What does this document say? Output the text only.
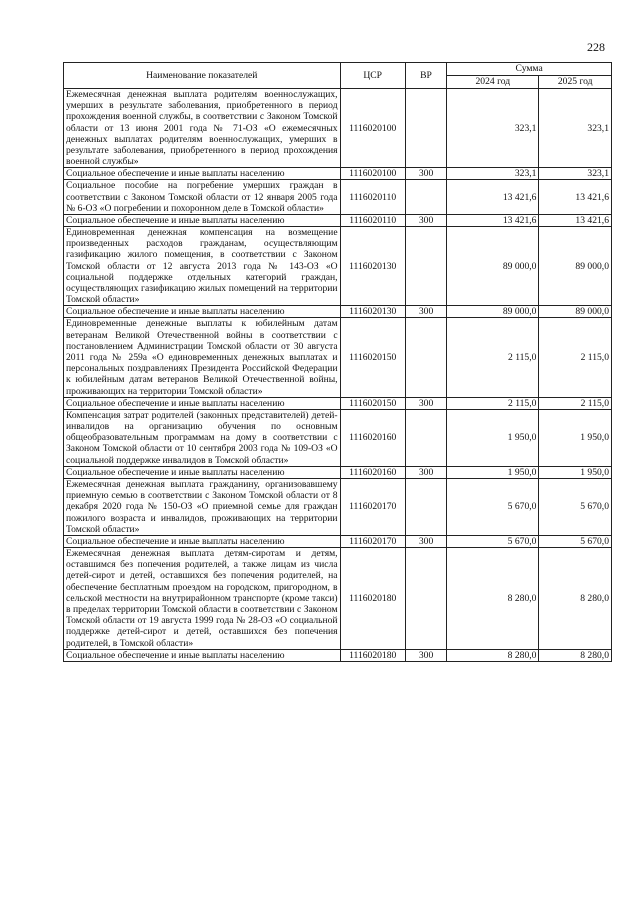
228
Наименование показателей	ЦСР	ВР	Сумма	
			2024 год	2025 год
Ежемесячная денежная выплата родителям военнослужащих, умерших в результате заболевания, приобретенного в период прохождения военной службы, в соответствии с Законом Томской области от 13 июня 2001 года № 71-ОЗ «О ежемесячных денежных выплатах родителям военнослужащих, умерших в результате заболевания, приобретенного в период прохождения военной службы»	1116020100		323,1	323,1
Социальное обеспечение и иные выплаты населению	1116020100	300	323,1	323,1
Социальное пособие на погребение умерших граждан в соответствии с Законом Томской области от 12 января 2005 года № 6-ОЗ «О погребении и похоронном деле в Томской области»	1116020110		13 421,6	13 421,6
Социальное обеспечение и иные выплаты населению	1116020110	300	13 421,6	13 421,6
Единовременная денежная компенсация на возмещение произведенных расходов гражданам, осуществляющим газификацию жилого помещения, в соответствии с Законом Томской области от 12 августа 2013 года № 143-ОЗ «О социальной поддержке отдельных категорий граждан, осуществляющих газификацию жилых помещений на территории Томской области»	1116020130		89 000,0	89 000,0
Социальное обеспечение и иные выплаты населению	1116020130	300	89 000,0	89 000,0
Единовременные денежные выплаты к юбилейным датам ветеранам Великой Отечественной войны в соответствии с постановлением Администрации Томской области от 30 августа 2011 года № 259а «О единовременных денежных выплатах и персональных поздравлениях Президента Российской Федерации к юбилейным датам ветеранов Великой Отечественной войны, проживающих на территории Томской области»	1116020150		2 115,0	2 115,0
Социальное обеспечение и иные выплаты населению	1116020150	300	2 115,0	2 115,0
Компенсация затрат родителей (законных представителей) детей-инвалидов на организацию обучения по основным общеобразовательным программам на дому в соответствии с Законом Томской области от 10 сентября 2003 года № 109-ОЗ «О социальной поддержке инвалидов в Томской области»	1116020160		1 950,0	1 950,0
Социальное обеспечение и иные выплаты населению	1116020160	300	1 950,0	1 950,0
Ежемесячная денежная выплата гражданину, организовавшему приемную семью в соответствии с Законом Томской области от 8 декабря 2020 года № 150-ОЗ «О приемной семье для граждан пожилого возраста и инвалидов, проживающих на территории Томской области»	1116020170		5 670,0	5 670,0
Социальное обеспечение и иные выплаты населению	1116020170	300	5 670,0	5 670,0
Ежемесячная денежная выплата детям-сиротам и детям, оставшимся без попечения родителей, а также лицам из числа детей-сирот и детей, оставшихся без попечения родителей, на обеспечение бесплатным проездом на городском, пригородном, в сельской местности на внутрирайонном транспорте (кроме такси) в пределах территории Томской области в соответствии с Законом Томской области от 19 августа 1999 года № 28-ОЗ «О социальной поддержке детей-сирот и детей, оставшихся без попечения родителей, в Томской области»	1116020180		8 280,0	8 280,0
Социальное обеспечение и иные выплаты населению	1116020180	300	8 280,0	8 280,0
